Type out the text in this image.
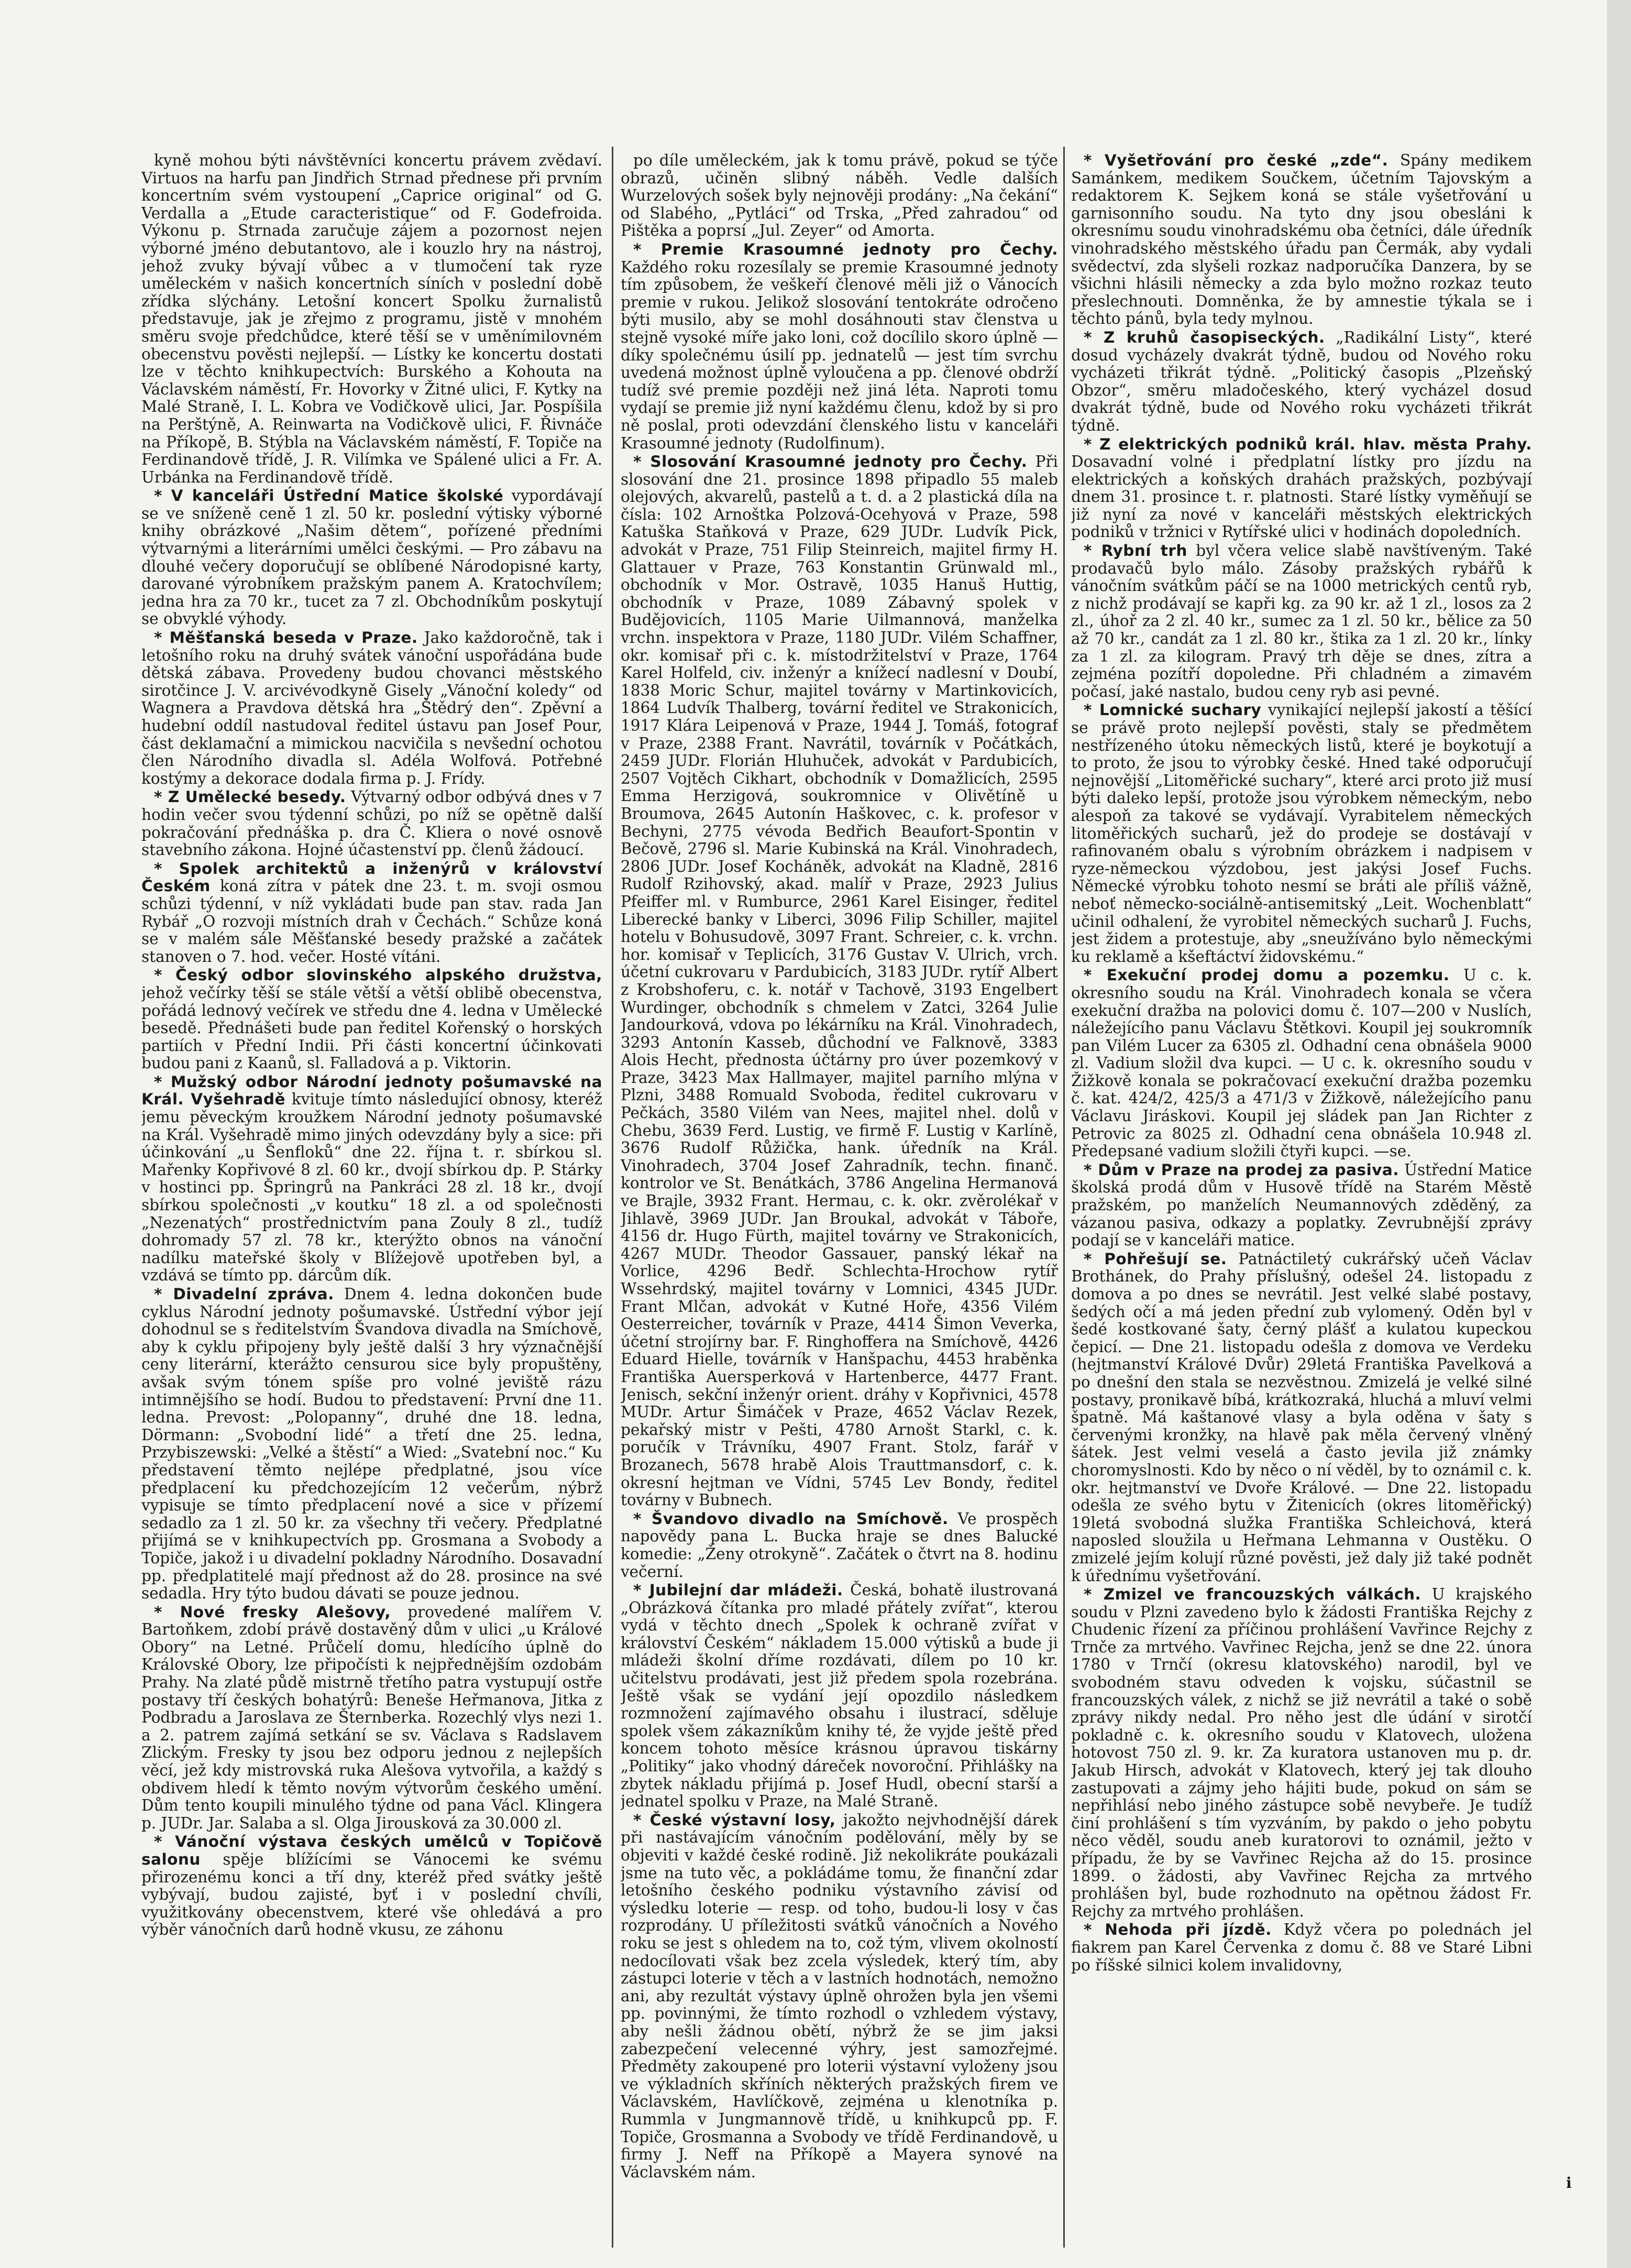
i

kyně mohou býti návštěvníci koncertu právem zvědaví. Virtuos na harfu pan Jindřich Strnad přednese při prvním koncertním svém vystoupení „Caprice original“ od G. Verdalla a „Etude caracteristique“ od F. Godefroida. Výkonu p. Strnada zaručuje zájem a pozornost nejen výborné jméno debutantovo, ale i kouzlo hry na nástroj, jehož zvuky bývají vůbec a v tlumočení tak ryze uměleckém v našich koncertních síních v poslední době zřídka slýchány. Letošní koncert Spolku žurnalistů představuje, jak je zřejmo z programu, jistě v mnohém směru svoje předchůdce, které těší se v uměnímilovném obecenstvu pověsti nejlepší. — Lístky ke koncertu dostati lze v těchto knihkupectvích: Burského a Kohouta na Václavském náměstí, Fr. Hovorky v Žitné ulici, F. Kytky na Malé Straně, I. L. Kobra ve Vodičkově ulici, Jar. Pospíšila na Perštýně, A. Reinwarta na Vodičkově ulici, F. Řivnáče na Příkopě, B. Stýbla na Václavském náměstí, F. Topiče na Ferdinandově třídě, J. R. Vilímka ve Spálené ulici a Fr. A. Urbánka na Ferdinandově třídě.

* V kanceláři Ústřední Matice školské vypordávají se ve sníženě ceně 1 zl. 50 kr. poslední výtisky výborné knihy obrázkové „Našim dětem“, pořízené předními výtvarnými a literárními umělci českými. — Pro zábavu na dlouhé večery doporučují se oblíbené Národopisné karty, darované výrobníkem pražským panem A. Kratochvílem; jedna hra za 70 kr., tucet za 7 zl. Obchodníkům poskytují se obvyklé výhody.

* Měšťanská beseda v Praze. Jako každoročně, tak i letošního roku na druhý svátek vánoční uspořádána bude dětská zábava. Provedeny budou chovanci městského sirotčince J. V. arcivévodkyně Gisely „Vánoční koledy“ od Wagnera a Pravdova dětská hra „Štědrý den“. Zpěvní a hudební oddíl nastudoval ředitel ústavu pan Josef Pour, část deklamační a mimickou nacvičila s nevšední ochotou člen Národního divadla sl. Adéla Wolfová. Potřebné kostýmy a dekorace dodala firma p. J. Frídy.

* Z Umělecké besedy. Výtvarný odbor odbývá dnes v 7 hodin večer svou týdenní schůzi, po níž se opětně další pokračování přednáška p. dra Č. Kliera o nové osnově stavebního zákona. Hojné účastenství pp. členů žádoucí.

* Spolek architektů a inženýrů v království Českém koná zítra v pátek dne 23. t. m. svoji osmou schůzi týdenní, v níž vykládati bude pan stav. rada Jan Rybář „O rozvoji místních drah v Čechách.“ Schůze koná se v malém sále Měšťanské besedy pražské a začátek stanoven o 7. hod. večer. Hosté vítáni.

* Český odbor slovinského alpského družstva, jehož večírky těší se stále větší a větší oblibě obecenstva, pořádá lednový večírek ve středu dne 4. ledna v Umělecké besedě. Přednášeti bude pan ředitel Kořenský o horských partiích v Přední Indii. Při části koncertní účinkovati budou pani z Kaanů, sl. Falladová a p. Viktorin.

* Mužský odbor Národní jednoty pošumavské na Král. Vyšehradě kvituje tímto následující obnosy, kteréž jemu pěveckým kroužkem Národní jednoty pošumavské na Král. Vyšehradě mimo jiných odevzdány byly a sice: při účinkování „u Šenfloků“ dne 22. října t. r. sbírkou sl. Mařenky Kopřivové 8 zl. 60 kr., dvojí sbírkou dp. P. Stárky v hostinci pp. Špringrů na Pankráci 28 zl. 18 kr., dvojí sbírkou společnosti „v koutku“ 18 zl. a od společnosti „Nezenatých“ prostřednictvím pana Zouly 8 zl., tudíž dohromady 57 zl. 78 kr., kterýžto obnos na vánoční nadílku mateřské školy v Blížejově upotřeben byl, a vzdává se tímto pp. dárcům dík.

* Divadelní zpráva. Dnem 4. ledna dokončen bude cyklus Národní jednoty pošumavské. Ústřední výbor její dohodnul se s ředitelstvím Švandova divadla na Smíchově, aby k cyklu připojeny byly ještě další 3 hry význačnější ceny literární, kterážto censurou sice byly propuštěny, avšak svým tónem spíše pro volné jeviště rázu intimnějšího se hodí. Budou to představení: První dne 11. ledna. Prevost: „Polopanny“, druhé dne 18. ledna, Dörmann: „Svobodní lidé“ a třetí dne 25. ledna, Przybiszewski: „Velké a štěstí“ a Wied: „Svatební noc.“ Ku představení těmto nejlépe předplatné, jsou více předplacení ku předchozejícím 12 večerům, nýbrž vypisuje se tímto předplacení nové a sice v přízemí sedadlo za 1 zl. 50 kr. za všechny tři večery. Předplatné přijímá se v knihkupectvích pp. Grosmana a Svobody a Topiče, jakož i u divadelní pokladny Národního. Dosavadní pp. předplatitelé mají přednost až do 28. prosince na své sedadla. Hry týto budou dávati se pouze jednou.

* Nové fresky Alešovy, provedené malířem V. Bartoňkem, zdobí právě dostavěný dům v ulici „u Králové Obory“ na Letné. Průčelí domu, hledícího úplně do Královské Obory, lze připočísti k nejpřednějším ozdobám Prahy. Na zlaté půdě mistrně třetího patra vystupují ostře postavy tří českých bohatýrů: Beneše Heřmanova, Jitka z Podbradu a Jaroslava ze Šternberka. Rozechlý vlys nezi 1. a 2. patrem zajímá setkání se sv. Václava s Radslavem Zlickým. Fresky ty jsou bez odporu jednou z nejlepších věcí, jež kdy mistrovská ruka Alešova vytvořila, a každý s obdivem hledí k těmto novým výtvorům českého umění. Dům tento koupili minulého týdne od pana Václ. Klingera p. JUDr. Jar. Salaba a sl. Olga Jirousková za 30.000 zl.

* Vánoční výstava českých umělců v Topičově salonu spěje blížícími se Vánocemi ke svému přirozenému konci a tří dny, kteréž před svátky ještě vybývají, budou zajisté, byť i v poslední chvíli, využitkovány obecenstvem, které vše ohledává a pro výběr vánočních darů hodně vkusu, ze záhonu

po díle uměleckém, jak k tomu právě, pokud se týče obrazů, učiněn slibný náběh. Vedle dalších Wurzelových sošek byly nejnověji prodány: „Na čekání“ od Slabého, „Pytláci“ od Trska, „Před zahradou“ od Pištěka a poprsí „Jul. Zeyer“ od Amorta.

* Premie Krasoumné jednoty pro Čechy. Každého roku rozesílaly se premie Krasoumné jednoty tím způsobem, že veškeří členové měli již o Vánocích premie v rukou. Jelikož slosování tentokráte odročeno býti musilo, aby se mohl dosáhnouti stav členstva u stejně vysoké míře jako loni, což docílilo skoro úplně — díky společnému úsilí pp. jednatelů — jest tím svrchu uvedená možnost úplně vyloučena a pp. členové obdrží tudíž své premie později než jiná léta. Naproti tomu vydají se premie již nyní každému členu, kdož by si pro ně poslal, proti odevzdání členského listu v kanceláři Krasoumné jednoty (Rudolfinum).

* Slosování Krasoumné jednoty pro Čechy. Při slosování dne 21. prosince 1898 připadlo 55 maleb olejových, akvarelů, pastelů a t. d. a 2 plastická díla na čísla: 102 Arnoštka Polzová-Ocehyová v Praze, 598 Katuška Staňková v Praze, 629 JUDr. Ludvík Pick, advokát v Praze, 751 Filip Steinreich, majitel firmy H. Glattauer v Praze, 763 Konstantin Grünwald ml., obchodník v Mor. Ostravě, 1035 Hanuš Huttig, obchodník v Praze, 1089 Zábavný spolek v Budějovicích, 1105 Marie Uilmannová, manželka vrchn. inspektora v Praze, 1180 JUDr. Vilém Schaffner, okr. komisař při c. k. místodržitelství v Praze, 1764 Karel Holfeld, civ. inženýr a knížecí nadlesní v Doubí, 1838 Moric Schur, majitel továrny v Martinkovicích, 1864 Ludvík Thalberg, tovární ředitel ve Strakonicích, 1917 Klára Leipenová v Praze, 1944 J. Tomáš, fotograf v Praze, 2388 Frant. Navrátil, továrník v Počátkách, 2459 JUDr. Florián Hluhuček, advokát v Pardubicích, 2507 Vojtěch Cikhart, obchodník v Domažlicích, 2595 Emma Herzigová, soukromnice v Olivětíně u Broumova, 2645 Autonín Haškovec, c. k. profesor v Bechyni, 2775 vévoda Bedřich Beaufort-Spontin v Bečově, 2796 sl. Marie Kubinská na Král. Vinohradech, 2806 JUDr. Josef Kocháněk, advokát na Kladně, 2816 Rudolf Rzihovský, akad. malíř v Praze, 2923 Julius Pfeiffer ml. v Rumburce, 2961 Karel Eisinger, ředitel Liberecké banky v Liberci, 3096 Filip Schiller, majitel hotelu v Bohusudově, 3097 Frant. Schreier, c. k. vrchn. hor. komisař v Teplicích, 3176 Gustav V. Ulrich, vrch. účetní cukrovaru v Pardubicích, 3183 JUDr. rytíř Albert z Krobshoferu, c. k. notář v Tachově, 3193 Engelbert Wurdinger, obchodník s chmelem v Zatci, 3264 Julie Jandourková, vdova po lékárníku na Král. Vinohradech, 3293 Antonín Kasseb, důchodní ve Falknově, 3383 Alois Hecht, přednosta účtárny pro úver pozemkový v Praze, 3423 Max Hallmayer, majitel parního mlýna v Plzni, 3488 Romuald Svoboda, ředitel cukrovaru v Pečkách, 3580 Vilém van Nees, majitel nhel. dolů v Chebu, 3639 Ferd. Lustig, ve firmě F. Lustig v Karlíně, 3676 Rudolf Růžička, hank. úředník na Král. Vinohradech, 3704 Josef Zahradník, techn. finanč. kontrolor ve St. Benátkách, 3786 Angelina Hermanová ve Brajle, 3932 Frant. Hermau, c. k. okr. zvěrolékař v Jihlavě, 3969 JUDr. Jan Broukal, advokát v Táboře, 4156 dr. Hugo Fürth, majitel továrny ve Strakonicích, 4267 MUDr. Theodor Gassauer, panský lékař na Vorlice, 4296 Bedř. Schlechta-Hrochow rytíř Wssehrdský, majitel továrny v Lomnici, 4345 JUDr. Frant Mlčan, advokát v Kutné Hoře, 4356 Vilém Oesterreicher, továrník v Praze, 4414 Šimon Veverka, účetní strojírny bar. F. Ringhoffera na Smíchově, 4426 Eduard Hielle, továrník v Hanšpachu, 4453 hraběnka Františka Auersperková v Hartenberce, 4477 Frant. Jenisch, sekční inženýr orient. dráhy v Kopřivnici, 4578 MUDr. Artur Šimáček v Praze, 4652 Václav Rezek, pekařský mistr v Pešti, 4780 Arnošt Starkl, c. k. poručík v Trávníku, 4907 Frant. Stolz, farář v Brozanech, 5678 hrabě Alois Trauttmansdorf, c. k. okresní hejtman ve Vídni, 5745 Lev Bondy, ředitel továrny v Bubnech.

* Švandovo divadlo na Smíchově. Ve prospěch napovědy pana L. Bucka hraje se dnes Balucké komedie: „Ženy otrokyně“. Začátek o čtvrt na 8. hodinu večerní.

* Jubilejní dar mládeži. Česká, bohatě ilustrovaná „Obrázková čítanka pro mladé přátely zvířat“, kterou vydá v těchto dnech „Spolek k ochraně zvířat v království Českém“ nákladem 15.000 výtisků a bude ji mládeži školní dříme rozdávati, dílem po 10 kr. učitelstvu prodávati, jest již předem spola rozebrána. Ještě však se vydání její opozdilo následkem rozmnožení zajímavého obsahu i ilustrací, sděluje spolek všem zákazníkům knihy té, že vyjde ještě před koncem tohoto měsíce krásnou úpravou tiskárny „Politiky“ jako vhodný dáreček novoroční. Přihlášky na zbytek nákladu přijímá p. Josef Hudl, obecní starší a jednatel spolku v Praze, na Malé Straně.

* České výstavní losy, jakožto nejvhodnější dárek při nastávajícím vánočním podělování, měly by se objeviti v každé české rodině. Již nekolikráte poukázali jsme na tuto věc, a pokládáme tomu, že finanční zdar letošního českého podniku výstavního závisí od výsledku loterie — resp. od toho, budou-li losy v čas rozprodány. U příležitosti svátků vánočních a Nového roku se jest s ohledem na to, což tým, vlivem okolností nedocílovati však bez zcela výsledek, který tím, aby zástupci loterie v těch a v lastních hodnotách, nemožno ani, aby rezultát výstavy úplně ohrožen byla jen všemi pp. povinnými, že tímto rozhodl o vzhledem výstavy, aby nešli žádnou obětí, nýbrž že se jim jaksi zabezpečení velecenné výhry, jest samozřejmé. Předměty zakoupené pro loterii výstavní vyloženy jsou ve výkladních skříních některých pražských firem ve Václavském, Havlíčkově, zejména u klenotníka p. Rummla v Jungmannově třídě, u knihkupců pp. F. Topiče, Grosmanna a Svobody ve třídě Ferdinandově, u firmy J. Neff na Příkopě a Mayera synové na Václavském nám.

* Vyšetřování pro české „zde“. Spány medikem Samánkem, medikem Součkem, účetním Tajovským a redaktorem K. Sejkem koná se stále vyšetřování u garnisonního soudu. Na tyto dny jsou obesláni k okresnímu soudu vinohradskému oba četníci, dále úředník vinohradského městského úřadu pan Čermák, aby vydali svědectví, zda slyšeli rozkaz nadporučíka Danzera, by se všichni hlásili německy a zda bylo možno rozkaz teuto přeslechnouti. Domněnka, že by amnestie týkala se i těchto pánů, byla tedy mylnou.

* Z kruhů časopiseckých. „Radikální Listy“, které dosud vycházely dvakrát týdně, budou od Nového roku vycházeti třikrát týdně. „Politický časopis „Plzeňský Obzor“, směru mladočeského, který vycházel dosud dvakrát týdně, bude od Nového roku vycházeti třikrát týdně.

* Z elektrických podniků král. hlav. města Prahy. Dosavadní volné i předplatní lístky pro jízdu na elektrických a koňských drahách pražských, pozbývají dnem 31. prosince t. r. platnosti. Staré lístky vyměňují se již nyní za nové v kanceláři městských elektrických podniků v tržnici v Rytířské ulici v hodinách dopoledních.

* Rybní trh byl včera velice slabě navštíveným. Také prodavačů bylo málo. Zásoby pražských rybářů k vánočním svátkům páčí se na 1000 metrických centů ryb, z nichž prodávají se kapři kg. za 90 kr. až 1 zl., losos za 2 zl., úhoř za 2 zl. 40 kr., sumec za 1 zl. 50 kr., bělice za 50 až 70 kr., candát za 1 zl. 80 kr., štika za 1 zl. 20 kr., línky za 1 zl. za kilogram. Pravý trh děje se dnes, zítra a zejména pozítří dopoledne. Při chladném a zimavém počasí, jaké nastalo, budou ceny ryb asi pevné.

* Lomnické suchary vynikající nejlepší jakostí a těšící se právě proto nejlepší pověsti, staly se předmětem nestřízeného útoku německých listů, které je boykotují a to proto, že jsou to výrobky české. Hned také odporučují nejnovější „Litoměřické suchary“, které arci proto již musí býti daleko lepší, protože jsou výrobkem německým, nebo alespoň za takové se vydávají. Vyrabitelem německých litoměřických sucharů, jež do prodeje se dostávají v rafinovaném obalu s výrobním obrázkem i nadpisem v ryze-německou výzdobou, jest jakýsi Josef Fuchs. Německé výrobku tohoto nesmí se bráti ale příliš vážně, neboť německo-sociálně-antisemitský „Leit. Wochenblatt“ učinil odhalení, že vyrobitel německých sucharů J. Fuchs, jest židem a protestuje, aby „sneužíváno bylo německými ku reklamě a kšeftáctví židovskému.“

* Exekuční prodej domu a pozemku. U c. k. okresního soudu na Král. Vinohradech konala se včera exekuční dražba na polovici domu č. 107—200 v Nuslích, náležejícího panu Václavu Štětkovi. Koupil jej soukromník pan Vilém Lucer za 6305 zl. Odhadní cena obnášela 9000 zl. Vadium složil dva kupci. — U c. k. okresního soudu v Žižkově konala se pokračovací exekuční dražba pozemku č. kat. 424/2, 425/3 a 471/3 v Žižkově, náležejícího panu Václavu Jiráskovi. Koupil jej sládek pan Jan Richter z Petrovic za 8025 zl. Odhadní cena obnášela 10.948 zl. Předepsané vadium složili čtyři kupci. —se.

* Dům v Praze na prodej za pasiva. Ústřední Matice školská prodá dům v Husově třídě na Starém Městě pražském, po manželích Neumannových zděděný, za vázanou pasiva, odkazy a poplatky. Zevrubnější zprávy podají se v kanceláři matice.

* Pohřešují se. Patnáctiletý cukrářský učeň Václav Brothánek, do Prahy příslušný, odešel 24. listopadu z domova a po dnes se nevrátil. Jest velké slabé postavy, šedých očí a má jeden přední zub vylomený. Oděn byl v šedé kostkované šaty, černý plášť a kulatou kupeckou čepicí. — Dne 21. listopadu odešla z domova ve Verdeku (hejtmanství Králové Dvůr) 29letá Františka Pavelková a po dnešní den stala se nezvěstnou. Zmizelá je velké silné postavy, pronikavě bíbá, krátkozraká, hluchá a mluví velmi špatně. Má kaštanové vlasy a byla oděna v šaty s červenými kronžky, na hlavě pak měla červený vlněný šátek. Jest velmi veselá a často jevila již známky choromyslnosti. Kdo by něco o ní věděl, by to oznámil c. k. okr. hejtmanství ve Dvoře Králové. — Dne 22. listopadu odešla ze svého bytu v Žitenicích (okres litoměřický) 19letá svobodná služka Františka Schleichová, která naposled sloužila u Heřmana Lehmanna v Oustěku. O zmizelé jejím kolují různé pověsti, jež daly již také podnět k úřednímu vyšetřování.

* Zmizel ve francouzských válkách. U krajského soudu v Plzni zavedeno bylo k žádosti Františka Rejchy z Chudenic řízení za příčinou prohlášení Vavřince Rejchy z Trnče za mrtvého. Vavřinec Rejcha, jenž se dne 22. února 1780 v Trnčí (okresu klatovského) narodil, byl ve svobodném stavu odveden k vojsku, súčastnil se francouzských válek, z nichž se již nevrátil a také o sobě zprávy nikdy nedal. Pro něho jest dle údání v sirotčí pokladně c. k. okresního soudu v Klatovech, uložena hotovost 750 zl. 9. kr. Za kuratora ustanoven mu p. dr. Jakub Hirsch, advokát v Klatovech, který jej tak dlouho zastupovati a zájmy jeho hájiti bude, pokud on sám se nepřihlásí nebo jiného zástupce sobě nevybeře. Je tudíž činí prohlášení s tím vyzváním, by pakdo o jeho pobytu něco věděl, soudu aneb kuratorovi to oznámil, ježto v případu, že by se Vavřinec Rejcha až do 15. prosince 1899. o žádosti, aby Vavřinec Rejcha za mrtvého prohlášen byl, bude rozhodnuto na opětnou žádost Fr. Rejchy za mrtvého prohlášen.

* Nehoda při jízdě. Když včera po polednách jel fiakrem pan Karel Červenka z domu č. 88 ve Staré Libni po říšské silnici kolem invalidovny,
